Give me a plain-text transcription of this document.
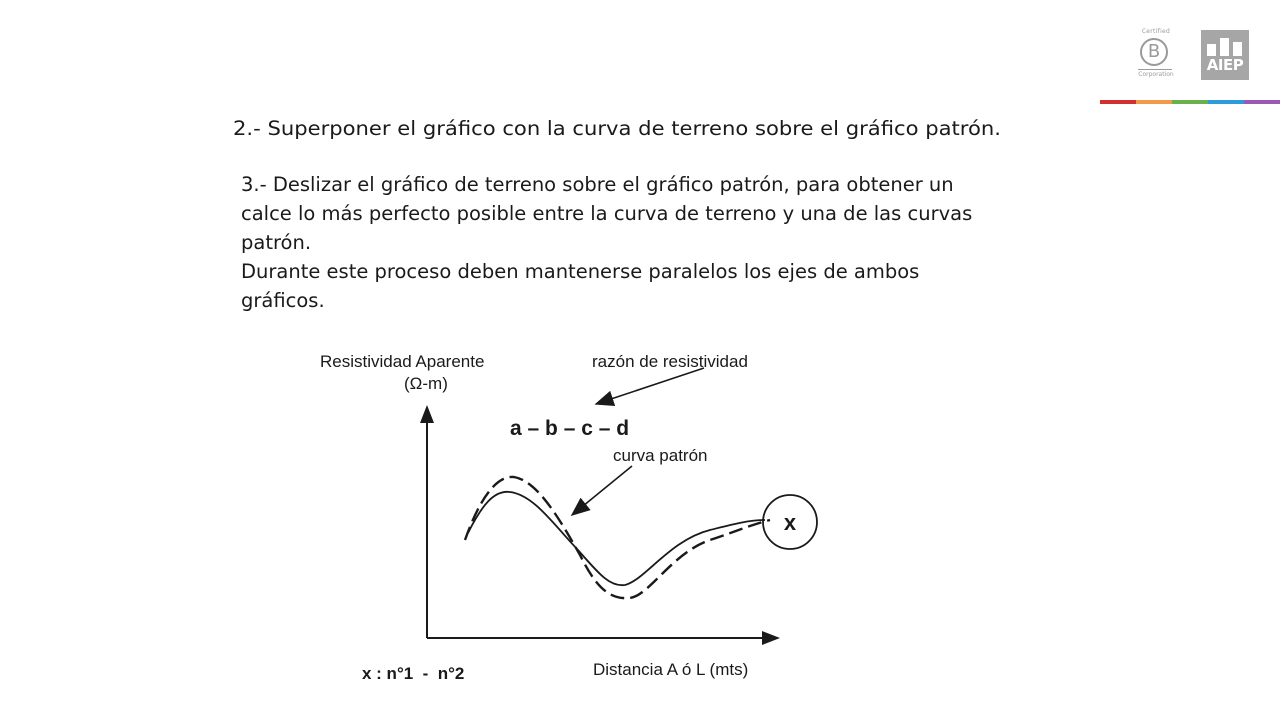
Certified
B
Corporation
AIEP
2.- Superponer el gráfico con la curva de terreno sobre el gráfico patrón.

3.- Deslizar el gráfico de terreno sobre el gráfico patrón, para obtener un calce lo más perfecto posible entre la curva de terreno y una de las curvas patrón.

Durante este proceso deben mantenerse paralelos los ejes de ambos gráficos.

Resistividad Aparente
(Ω-m)
razón de resistividad
a – b – c – d
curva patrón
x
Distancia A ó L (mts)
x : n°1  -  n°2
